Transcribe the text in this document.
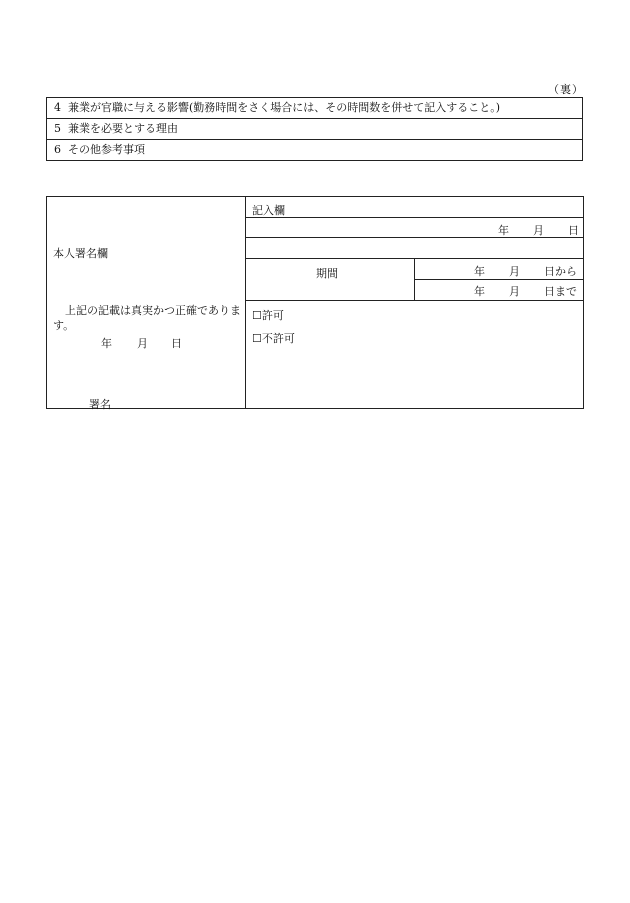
（裏）
4 兼業が官職に与える影響(勤務時間をさく場合には、その時間数を併せて記入すること。)
5 兼業を必要とする理由
6 その他参考事項
本人署名欄
上記の記載は真実かつ正確であります。
年 月 日
署名
記入欄
年 月 日
期間	年 月 日から
年 月 日まで
☐許可
☐不許可
